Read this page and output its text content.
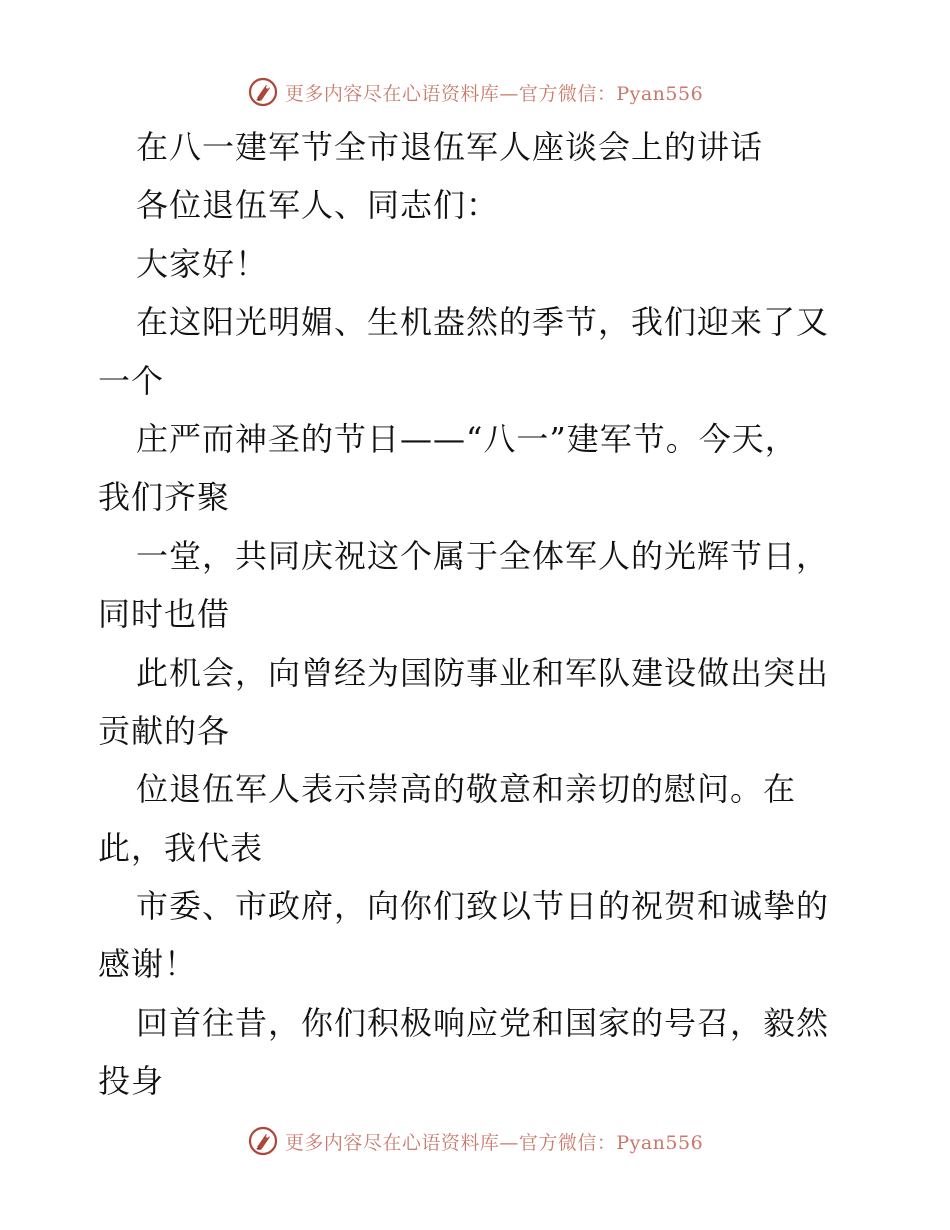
更多内容尽在心语资料库—官方微信：Pyan556
在八一建军节全市退伍军人座谈会上的讲话
各位退伍军人、同志们：
大家好！
在这阳光明媚、生机盎然的季节，我们迎来了又
一个
庄严而神圣的节日——“八一”建军节。今天，
我们齐聚
一堂，共同庆祝这个属于全体军人的光辉节日，
同时也借
此机会，向曾经为国防事业和军队建设做出突出
贡献的各
位退伍军人表示崇高的敬意和亲切的慰问。在
此，我代表
市委、市政府，向你们致以节日的祝贺和诚挚的
感谢！
回首往昔，你们积极响应党和国家的号召，毅然
投身
更多内容尽在心语资料库—官方微信：Pyan556
